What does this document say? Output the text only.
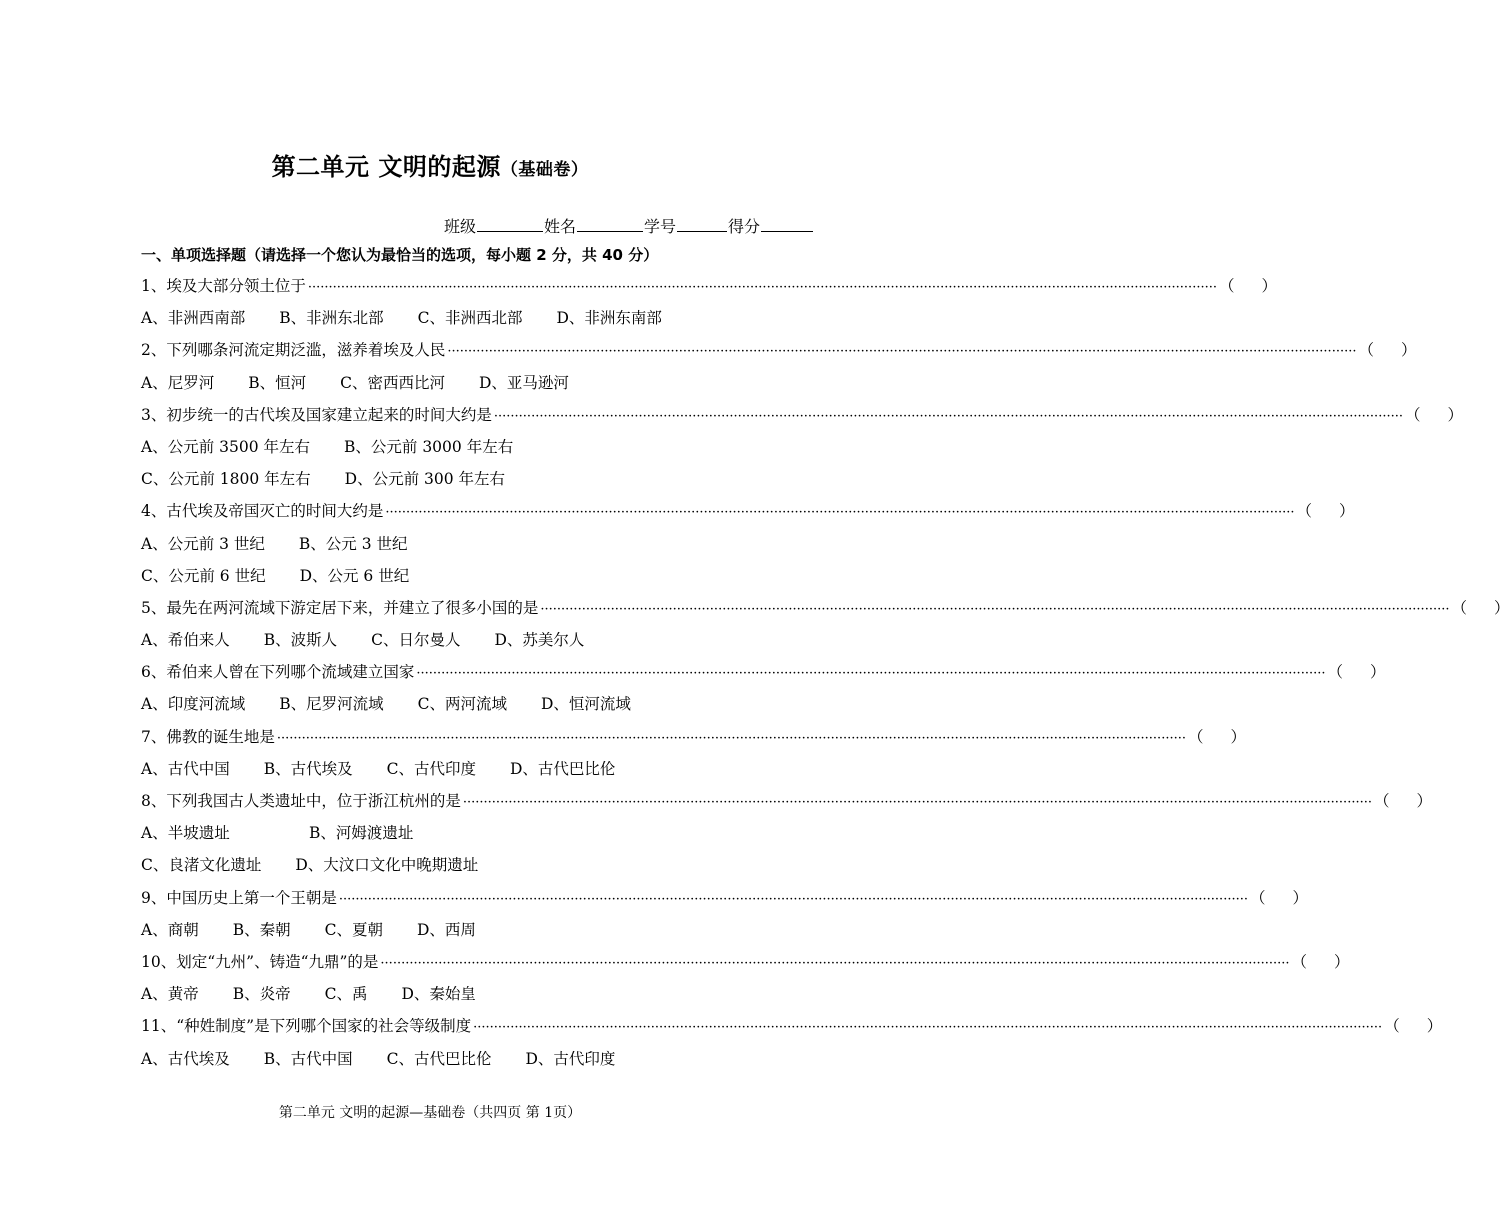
第二单元 文明的起源（基础卷）
班级	姓名	学号	得分
一、单项选择题（请选择一个您认为最恰当的选项，每小题 2 分，共 40 分）
1、埃及大部分领土位于 ···························································································································································································································· （ ）
A、非洲西南部 B、非洲东北部 C、非洲西北部 D、非洲东南部
2、下列哪条河流定期泛滥，滋养着埃及人民 ···························································································································································································································· （ ）
A、尼罗河 B、恒河 C、密西西比河 D、亚马逊河
3、初步统一的古代埃及国家建立起来的时间大约是 ···························································································································································································································· （ ）
A、公元前 3500 年左右 B、公元前 3000 年左右
C、公元前 1800 年左右 D、公元前 300 年左右
4、古代埃及帝国灭亡的时间大约是 ···························································································································································································································· （ ）
A、公元前 3 世纪 B、公元 3 世纪
C、公元前 6 世纪 D、公元 6 世纪
5、最先在两河流域下游定居下来，并建立了很多小国的是 ···························································································································································································································· （ ）
A、希伯来人 B、波斯人 C、日尔曼人 D、苏美尔人
6、希伯来人曾在下列哪个流域建立国家 ···························································································································································································································· （ ）
A、印度河流域 B、尼罗河流域 C、两河流域 D、恒河流域
7、佛教的诞生地是 ···························································································································································································································· （ ）
A、古代中国 B、古代埃及 C、古代印度 D、古代巴比伦
8、下列我国古人类遗址中，位于浙江杭州的是 ···························································································································································································································· （ ）
A、半坡遗址	B、河姆渡遗址
C、良渚文化遗址 D、大汶口文化中晚期遗址
9、中国历史上第一个王朝是 ···························································································································································································································· （ ）
A、商朝 B、秦朝 C、夏朝 D、西周
10、划定“九州”、铸造“九鼎”的是 ···························································································································································································································· （ ）
A、黄帝 B、炎帝 C、禹 D、秦始皇
11、“种姓制度”是下列哪个国家的社会等级制度 ···························································································································································································································· （ ）
A、古代埃及 B、古代中国 C、古代巴比伦 D、古代印度
第二单元 文明的起源—基础卷（共四页 第 1页）
